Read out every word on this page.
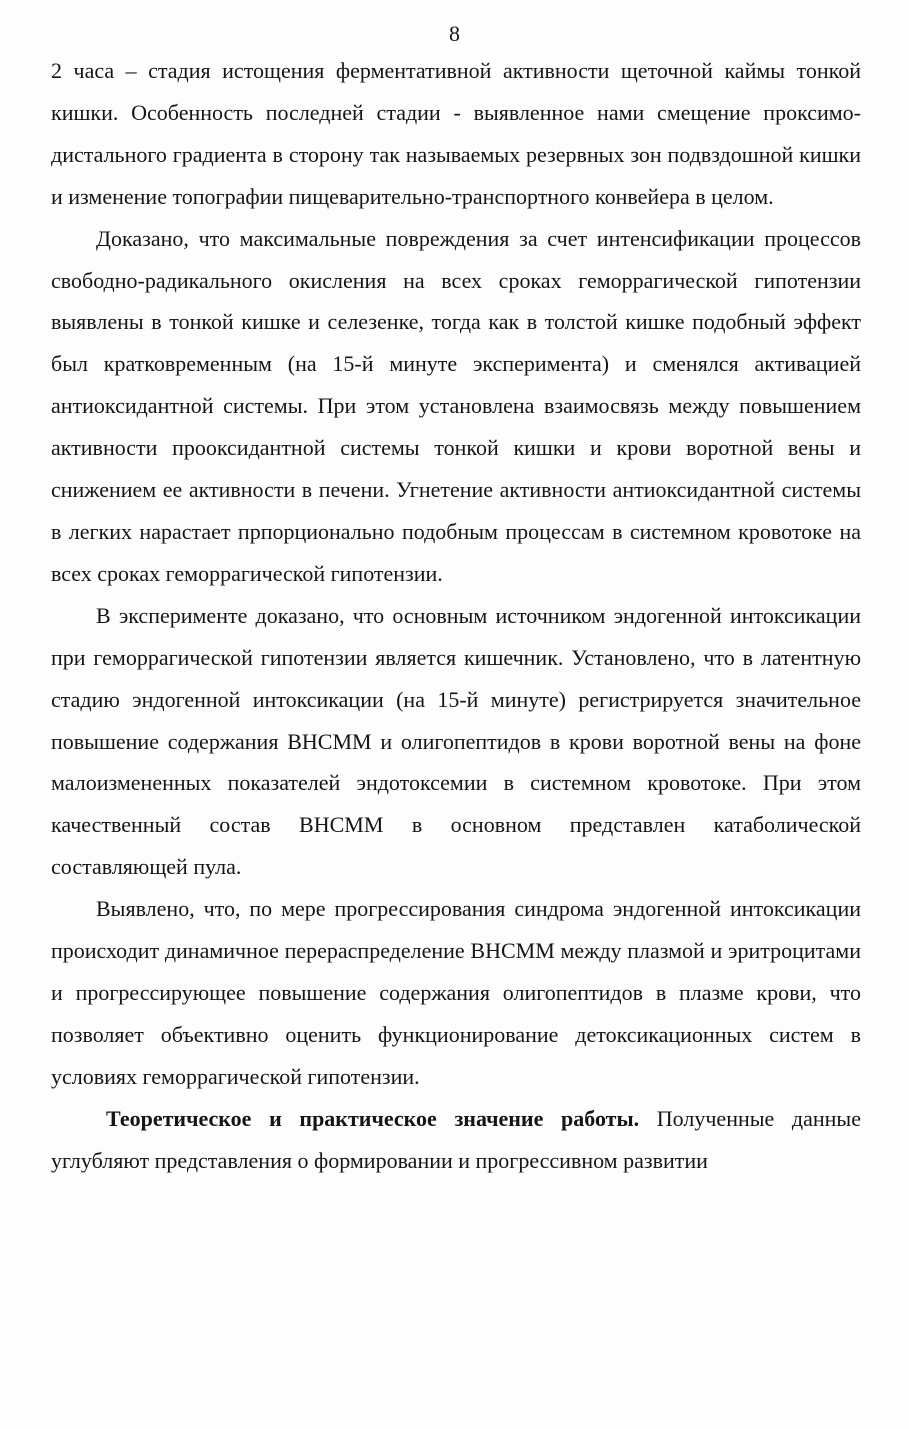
8

2 часа – стадия истощения ферментативной активности щеточной каймы тонкой кишки. Особенность последней стадии - выявленное нами смещение проксимо-дистального градиента в сторону так называемых резервных зон подвздошной кишки и изменение топографии пищеварительно-транспортного конвейера в целом.

Доказано, что максимальные повреждения за счет интенсификации процессов свободно-радикального окисления на всех сроках геморрагической гипотензии выявлены в тонкой кишке и селезенке, тогда как в толстой кишке подобный эффект был кратковременным (на 15-й минуте эксперимента) и сменялся активацией антиоксидантной системы. При этом установлена взаимосвязь между повышением активности прооксидантной системы тонкой кишки и крови воротной вены и снижением ее активности в печени. Угнетение активности антиоксидантной системы в легких нарастает прпорционально подобным процессам в системном кровотоке на всех сроках геморрагической гипотензии.

В эксперименте доказано, что основным источником эндогенной интоксикации при геморрагической гипотензии является кишечник. Установлено, что в латентную стадию эндогенной интоксикации (на 15-й минуте) регистрируется значительное повышение содержания ВНСММ и олигопептидов в крови воротной вены на фоне малоизмененных показателей эндотоксемии в системном кровотоке. При этом качественный состав ВНСММ в основном представлен катаболической составляющей пула.

Выявлено, что, по мере прогрессирования синдрома эндогенной интоксикации происходит динамичное перераспределение ВНСММ между плазмой и эритроцитами и прогрессирующее повышение содержания олигопептидов в плазме крови, что позволяет объективно оценить функционирование детоксикационных систем в условиях геморрагической гипотензии.

Теоретическое и практическое значение работы. Полученные данные углубляют представления о формировании и прогрессивном развитии
